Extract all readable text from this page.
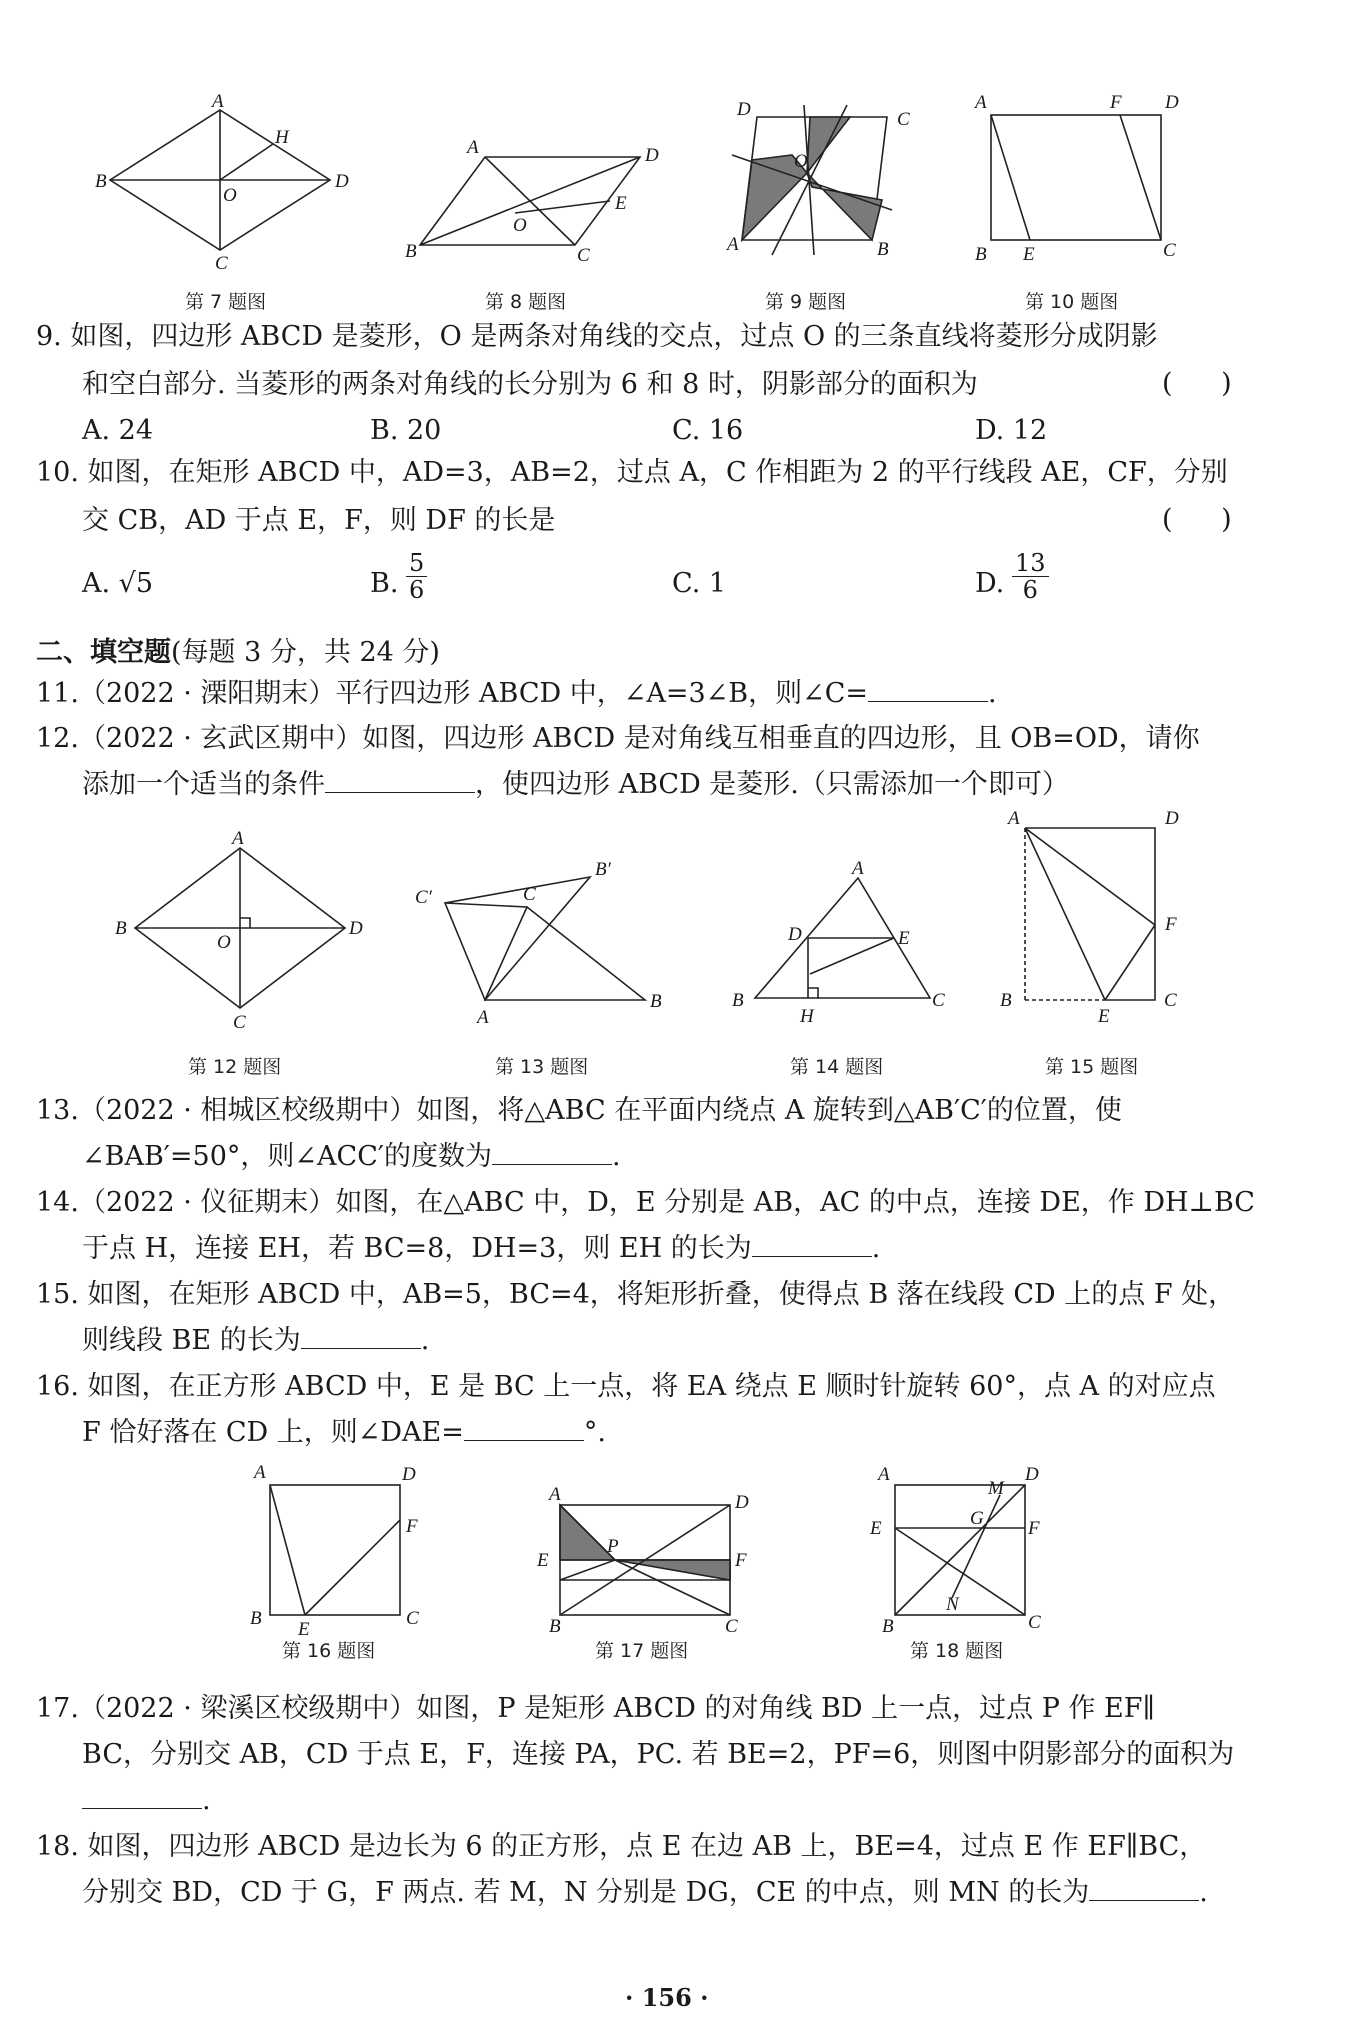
A
B
C
D
H
O
第 7 题图
A	D
B	C
E
O
第 8 题图
D	C
A	B
O
第 9 题图
A	F D
B E	C
第 10 题图
9. 如图，四边形 ABCD 是菱形，O 是两条对角线的交点，过点 O 的三条直线将菱形分成阴影
和空白部分. 当菱形的两条对角线的长分别为 6 和 8 时，阴影部分的面积为	( )
A. 24	B. 20	C. 16	D. 12
10. 如图，在矩形 ABCD 中，AD=3，AB=2，过点 A，C 作相距为 2 的平行线段 AE，CF，分别
交 CB，AD 于点 E，F，则 DF 的长是	( )
A. √5	B. $\frac{5}{6}$	C. 1	D. $\frac{13}{6}$
二、填空题(每题 3 分，共 24 分)
11.（2022 · 溧阳期末）平行四边形 ABCD 中，∠A=3∠B，则∠C=	.
12.（2022 · 玄武区期中）如图，四边形 ABCD 是对角线互相垂直的四边形，且 OB=OD，请你
添加一个适当的条件	，使四边形 ABCD 是菱形.（只需添加一个即可）
A
B
C
D
O
第 12 题图
C′
B′
C
A
B
第 13 题图
A
D	E
B
H
C
第 14 题图
A	D
F
B
E
C
第 15 题图
13.（2022 · 相城区校级期中）如图，将△ABC 在平面内绕点 A 旋转到△AB′C′的位置，使
∠BAB′=50°，则∠ACC′的度数为	.
14.（2022 · 仪征期末）如图，在△ABC 中，D，E 分别是 AB，AC 的中点，连接 DE，作 DH⊥BC
于点 H，连接 EH，若 BC=8，DH=3，则 EH 的长为	.
15. 如图，在矩形 ABCD 中，AB=5，BC=4，将矩形折叠，使得点 B 落在线段 CD 上的点 F 处，
则线段 BE 的长为	.
16. 如图，在正方形 ABCD 中，E 是 BC 上一点，将 EA 绕点 E 顺时针旋转 60°，点 A 的对应点
F 恰好落在 CD 上，则∠DAE=	°.
A	D
F
B
E
C
第 16 题图
A	D
E
P
F
B	C
第 17 题图
A	D
E	G
M
N
F
B	C
第 18 题图
17.（2022 · 梁溪区校级期中）如图，P 是矩形 ABCD 的对角线 BD 上一点，过点 P 作 EF∥
BC，分别交 AB，CD 于点 E，F，连接 PA，PC. 若 BE=2，PF=6，则图中阴影部分的面积为
.
18. 如图，四边形 ABCD 是边长为 6 的正方形，点 E 在边 AB 上，BE=4，过点 E 作 EF∥BC，
分别交 BD，CD 于 G，F 两点. 若 M，N 分别是 DG，CE 的中点，则 MN 的长为	.
· 156 ·
